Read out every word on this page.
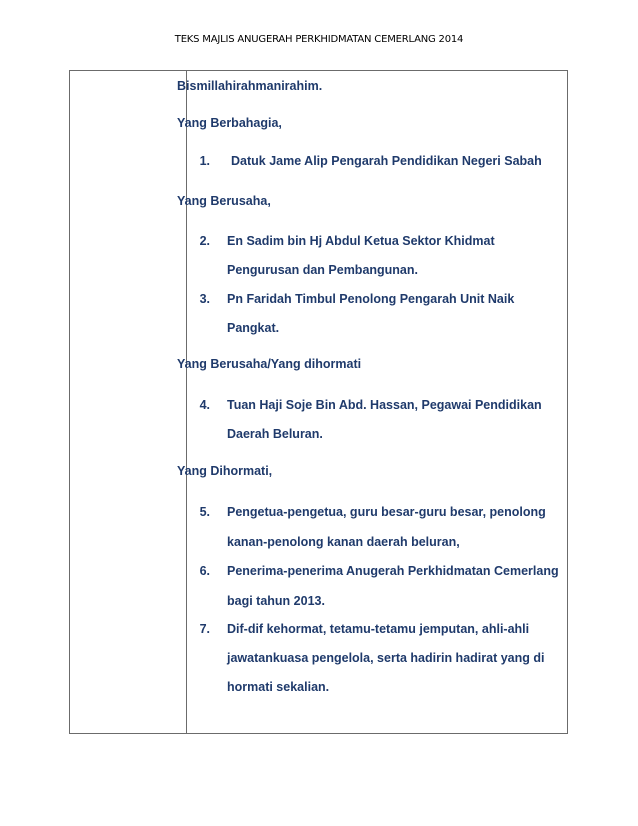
TEKS MAJLIS ANUGERAH PERKHIDMATAN CEMERLANG 2014
Bismillahirahmanirahim.
Yang Berbahagia,
1. Datuk Jame Alip Pengarah Pendidikan Negeri Sabah
Yang Berusaha,
2. En Sadim bin Hj Abdul Ketua Sektor Khidmat
Pengurusan dan Pembangunan.
3. Pn Faridah Timbul Penolong Pengarah Unit Naik
Pangkat.
Yang Berusaha/Yang dihormati
4. Tuan Haji Soje Bin Abd. Hassan, Pegawai Pendidikan
Daerah Beluran.
Yang Dihormati,
5. Pengetua-pengetua, guru besar-guru besar, penolong
kanan-penolong kanan daerah beluran,
6. Penerima-penerima Anugerah Perkhidmatan Cemerlang
bagi tahun 2013.
7. Dif-dif kehormat, tetamu-tetamu jemputan, ahli-ahli
jawatankuasa pengelola, serta hadirin hadirat yang di
hormati sekalian.
